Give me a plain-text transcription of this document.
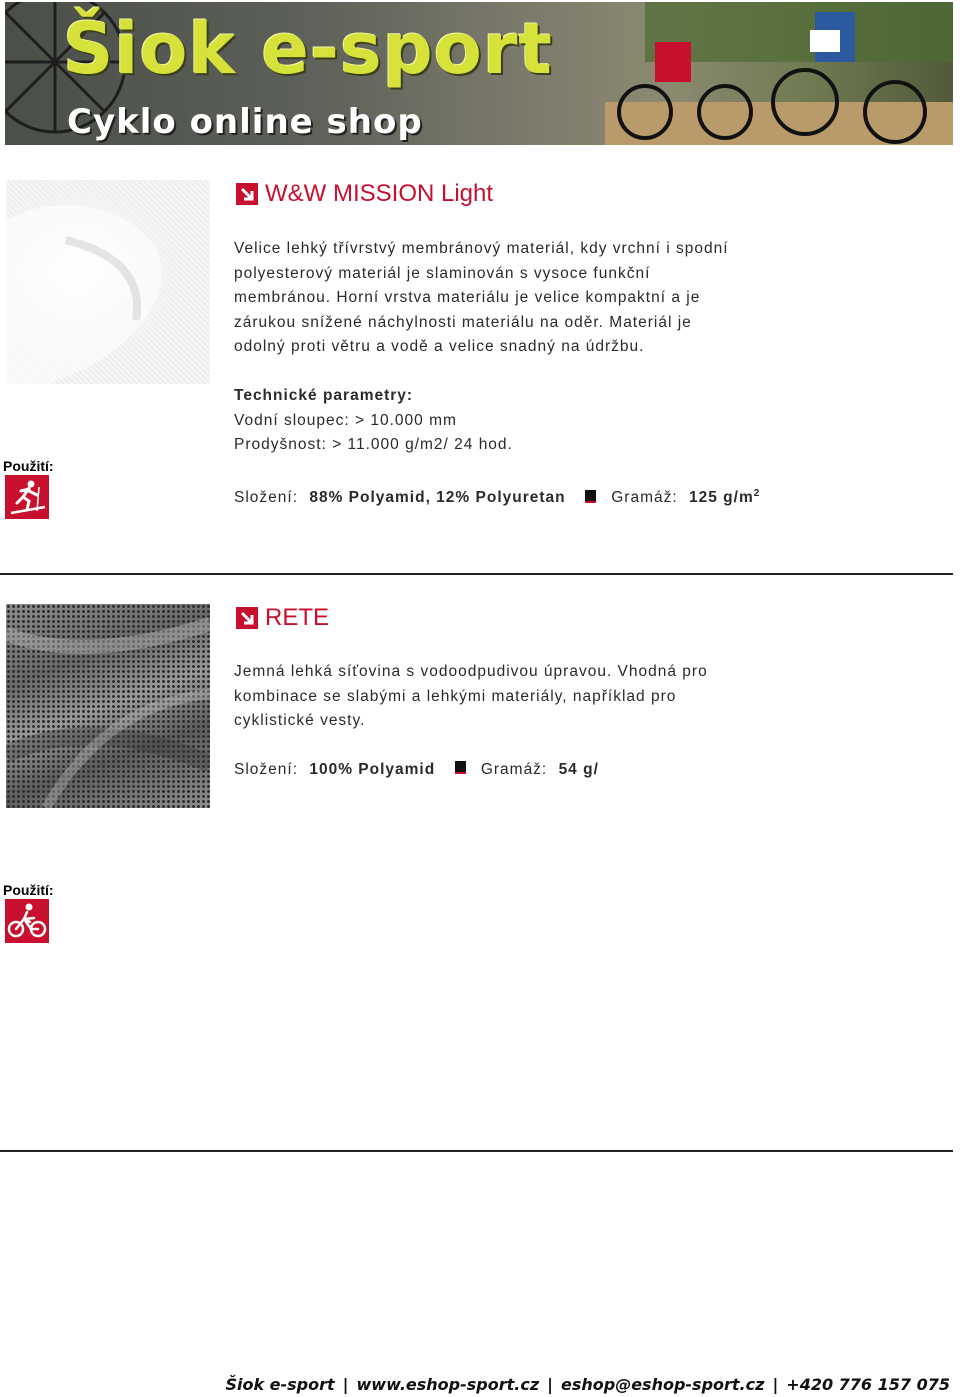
Šiok e-sport
Cyklo online shop
W&W MISSION Light
Velice lehký třívrstvý membránový materiál, kdy vrchní i spodní
polyesterový materiál je slaminován s vysoce funkční
membránou. Horní vrstva materiálu je velice kompaktní a je
zárukou snížené náchylnosti materiálu na oděr. Materiál je
odolný proti větru a vodě a velice snadný na údržbu.
Technické parametry:
Vodní sloupec: > 10.000 mm
Prodyšnost: > 11.000 g/m2/ 24 hod.
Složení: 88% Polyamid, 12% Polyuretan	Gramáž: 125 $g/m^2$
Použití:
RETE
Jemná lehká síťovina s vodoodpudivou úpravou. Vhodná pro
kombinace se slabými a lehkými materiály, například pro
cyklistické vesty.
Složení: 100% Polyamid	Gramáž: 54 g/
Použití:
Šiok e-sport | www.eshop-sport.cz | eshop@eshop-sport.cz | +420 776 157 075
